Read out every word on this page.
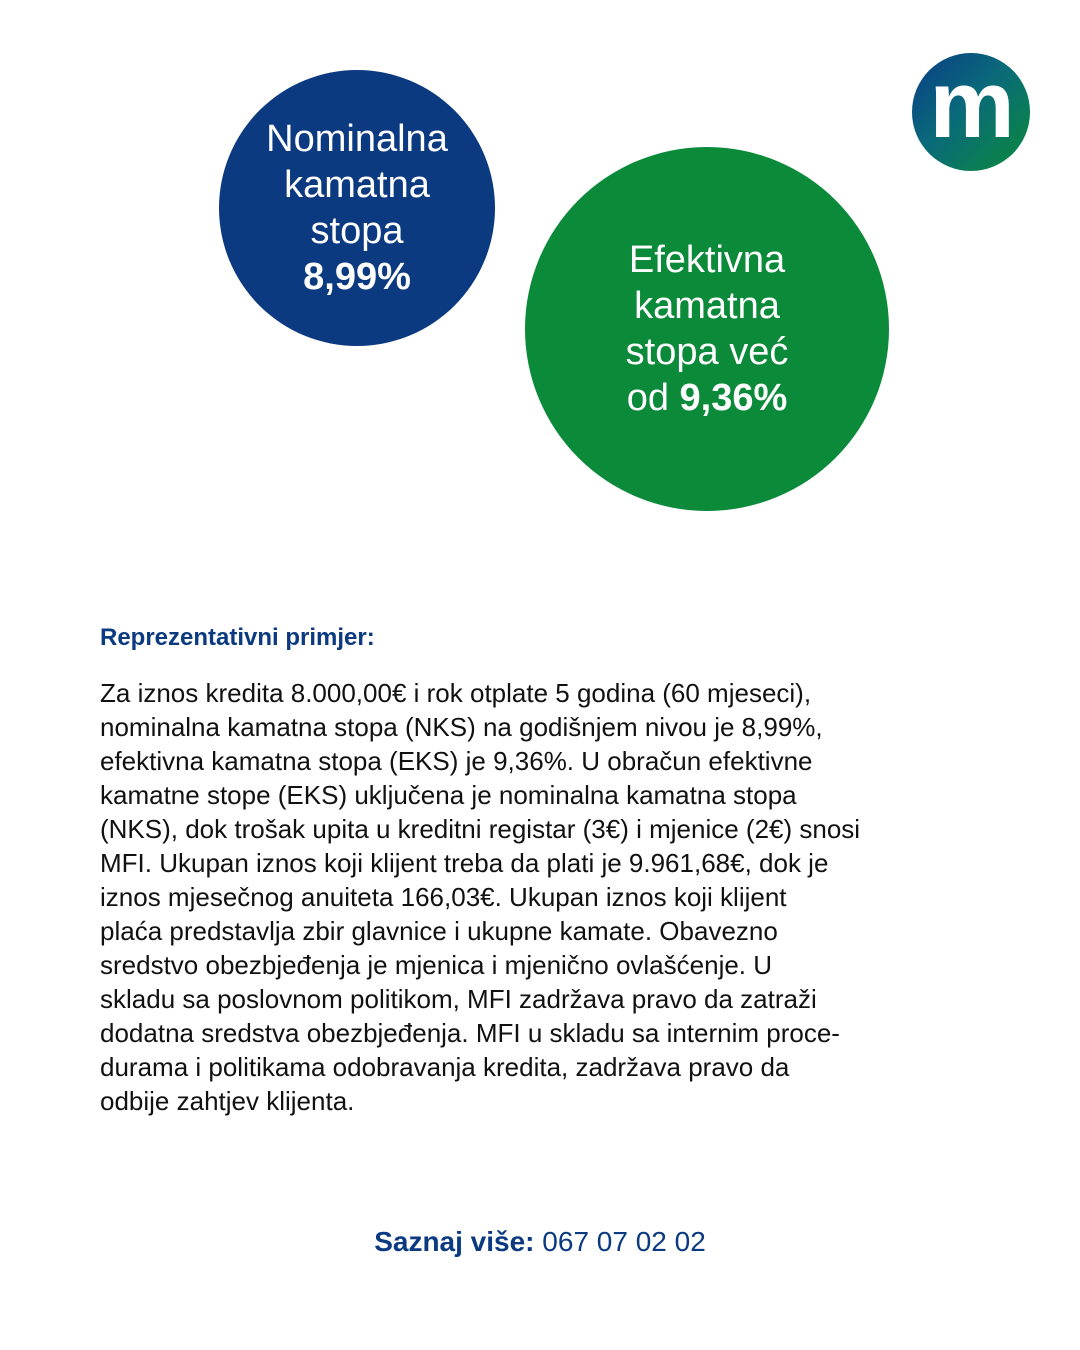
m
Nominalna
kamatna
stopa
8,99%	Efektivna
kamatna
stopa već
od 9,36%
Reprezentativni primjer:
Za iznos kredita 8.000,00€ i rok otplate 5 godina (60 mjeseci),
nominalna kamatna stopa (NKS) na godišnjem nivou je 8,99%,
efektivna kamatna stopa (EKS) je 9,36%. U obračun efektivne
kamatne stope (EKS) uključena je nominalna kamatna stopa
(NKS), dok trošak upita u kreditni registar (3€) i mjenice (2€) snosi
MFI. Ukupan iznos koji klijent treba da plati je 9.961,68€, dok je
iznos mjesečnog anuiteta 166,03€. Ukupan iznos koji klijent
plaća predstavlja zbir glavnice i ukupne kamate. Obavezno
sredstvo obezbjeđenja je mjenica i mjenično ovlašćenje. U
skladu sa poslovnom politikom, MFI zadržava pravo da zatraži
dodatna sredstva obezbjeđenja. MFI u skladu sa internim proce-
durama i politikama odobravanja kredita, zadržava pravo da
odbije zahtjev klijenta.
Saznaj više: 067 07 02 02
